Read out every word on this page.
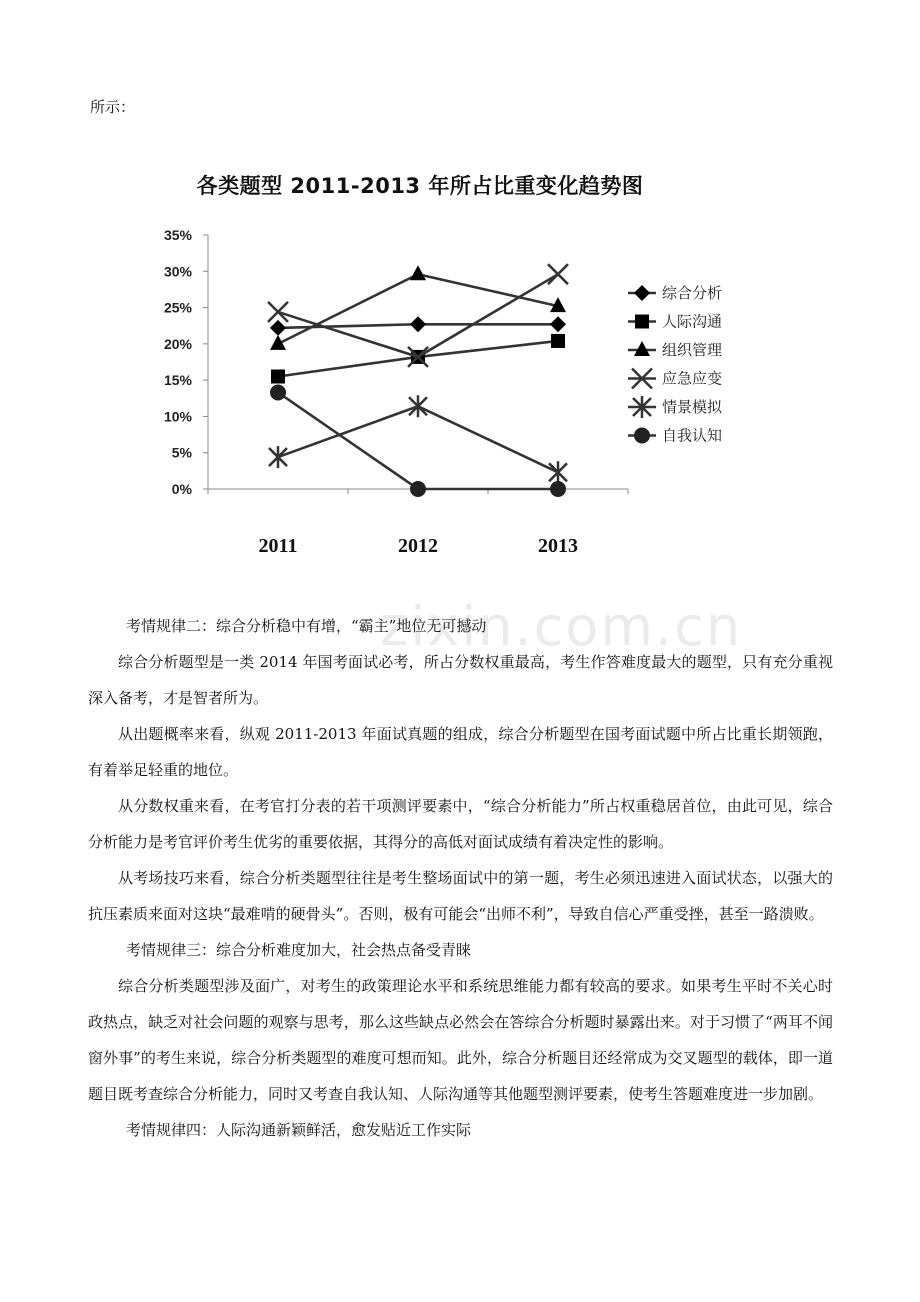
所示：
各类题型 2011-2013 年所占比重变化趋势图
0%
5%
10%
15%
20%
25%
30%
35%
2011	2012	2013
综合分析
人际沟通
组织管理
应急应变
情景模拟
自我认知
zixin.com.cn

考情规律二：综合分析稳中有增，“霸主”地位无可撼动

综合分析题型是一类 2014 年国考面试必考，所占分数权重最高，考生作答难度最大的题型，只有充分重视深入备考，才是智者所为。

从出题概率来看，纵观 2011-2013 年面试真题的组成，综合分析题型在国考面试题中所占比重长期领跑，有着举足轻重的地位。

从分数权重来看，在考官打分表的若干项测评要素中，“综合分析能力”所占权重稳居首位，由此可见，综合分析能力是考官评价考生优劣的重要依据，其得分的高低对面试成绩有着决定性的影响。

从考场技巧来看，综合分析类题型往往是考生整场面试中的第一题，考生必须迅速进入面试状态，以强大的抗压素质来面对这块“最难啃的硬骨头”。否则，极有可能会“出师不利”，导致自信心严重受挫，甚至一路溃败。

考情规律三：综合分析难度加大，社会热点备受青睐

综合分析类题型涉及面广，对考生的政策理论水平和系统思维能力都有较高的要求。如果考生平时不关心时政热点，缺乏对社会问题的观察与思考，那么这些缺点必然会在答综合分析题时暴露出来。对于习惯了“两耳不闻窗外事”的考生来说，综合分析类题型的难度可想而知。此外，综合分析题目还经常成为交叉题型的载体，即一道题目既考查综合分析能力，同时又考查自我认知、人际沟通等其他题型测评要素，使考生答题难度进一步加剧。

考情规律四：人际沟通新颖鲜活，愈发贴近工作实际
